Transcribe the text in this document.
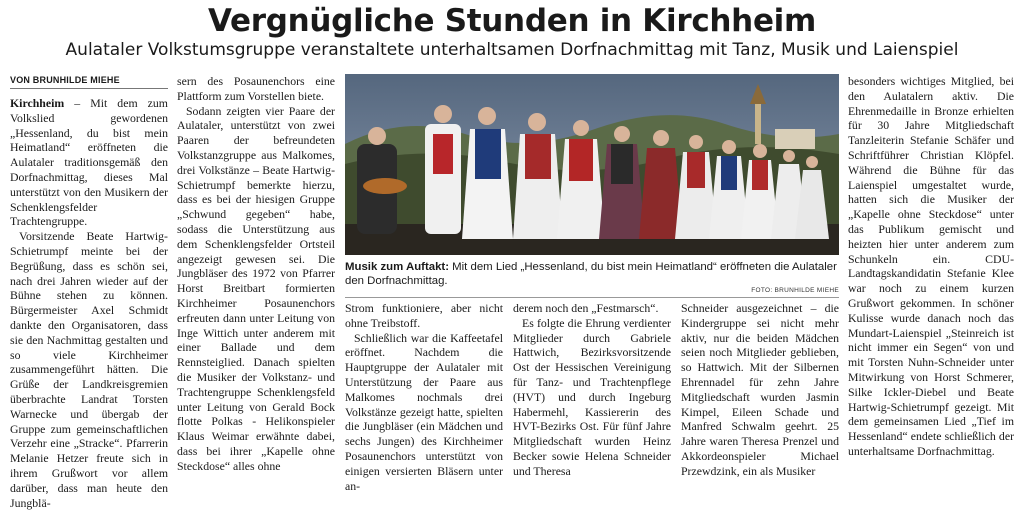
Vergnügliche Stunden in Kirchheim
Aulataler Volkstumsgruppe veranstaltete unterhaltsamen Dorfnachmittag mit Tanz, Musik und Laienspiel
VON BRUNHILDE MIEHE

Kirchheim – Mit dem zum Volkslied gewordenen „Hessenland, du bist mein Heimatland“ eröffneten die Aulataler traditionsgemäß den Dorfnachmittag, dieses Mal unterstützt von den Musikern der Schenklengsfelder Trachtengruppe.

Vorsitzende Beate Hartwig-Schietrumpf meinte bei der Begrüßung, dass es schön sei, nach drei Jahren wieder auf der Bühne stehen zu können. Bürgermeister Axel Schmidt dankte den Organisatoren, dass sie den Nachmittag gestalten und so viele Kirchheimer zusammengeführt hätten. Die Grüße der Landkreisgremien überbrachte Landrat Torsten Warnecke und übergab der Gruppe zum gemeinschaftlichen Verzehr eine „Stracke“. Pfarrerin Melanie Hetzer freute sich in ihrem Grußwort vor allem darüber, dass man heute den Jungblä-

sern des Posaunenchors eine Plattform zum Vorstellen biete.

Sodann zeigten vier Paare der Aulataler, unterstützt von zwei Paaren der befreundeten Volkstanzgruppe aus Malkomes, drei Volkstänze – Beate Hartwig-Schietrumpf bemerkte hierzu, dass es bei der hiesigen Gruppe „Schwund gegeben“ habe, sodass die Unterstützung aus dem Schenklengsfelder Ortsteil angezeigt gewesen sei. Die Jungbläser des 1972 von Pfarrer Horst Breitbart formierten Kirchheimer Posaunenchors erfreuten dann unter Leitung von Inge Wittich unter anderem mit einer Ballade und dem Rennsteiglied. Danach spielten die Musiker der Volkstanz- und Trachtengruppe Schenklengsfeld unter Leitung von Gerald Bock flotte Polkas - Helikonspieler Klaus Weimar erwähnte dabei, dass bei ihrer „Kapelle ohne Steckdose“ alles ohne

Musik zum Auftakt: Mit dem Lied „Hessenland, du bist mein Heimatland“ eröffneten die Aulataler den Dorfnachmittag.
FOTO: BRUNHILDE MIEHE

Strom funktioniere, aber nicht ohne Treibstoff.

Schließlich war die Kaffeetafel eröffnet. Nachdem die Hauptgruppe der Aulataler mit Unterstützung der Paare aus Malkomes nochmals drei Volkstänze gezeigt hatte, spielten die Jungbläser (ein Mädchen und sechs Jungen) des Kirchheimer Posaunenchors unterstützt von einigen versierten Bläsern unter an-

derem noch den „Festmarsch“.

Es folgte die Ehrung verdienter Mitglieder durch Gabriele Hattwich, Bezirksvorsitzende Ost der Hessischen Vereinigung für Tanz- und Trachtenpflege (HVT) und durch Ingeburg Habermehl, Kassiererin des HVT-Bezirks Ost. Für fünf Jahre Mitgliedschaft wurden Heinz Becker sowie Helena Schneider und Theresa

Schneider ausgezeichnet – die Kindergruppe sei nicht mehr aktiv, nur die beiden Mädchen seien noch Mitglieder geblieben, so Hattwich. Mit der Silbernen Ehrennadel für zehn Jahre Mitgliedschaft wurden Jasmin Kimpel, Eileen Schade und Manfred Schwalm geehrt. 25 Jahre waren Theresa Prenzel und Akkordeonspieler Michael Przewdzink, ein als Musiker

besonders wichtiges Mitglied, bei den Aulatalern aktiv. Die Ehrenmedaille in Bronze erhielten für 30 Jahre Mitgliedschaft Tanzleiterin Stefanie Schäfer und Schriftführer Christian Klöpfel. Während die Bühne für das Laienspiel umgestaltet wurde, hatten sich die Musiker der „Kapelle ohne Steckdose“ unter das Publikum gemischt und heizten hier unter anderem zum Schunkeln ein. CDU-Landtagskandidatin Stefanie Klee war noch zu einem kurzen Grußwort gekommen. In schöner Kulisse wurde danach noch das Mundart-Laienspiel „Steinreich ist nicht immer ein Segen“ von und mit Torsten Nuhn-Schneider unter Mitwirkung von Horst Schmerer, Silke Ickler-Diebel und Beate Hartwig-Schietrumpf gezeigt. Mit dem gemeinsamen Lied „Tief im Hessenland“ endete schließlich der unterhaltsame Dorfnachmittag.
